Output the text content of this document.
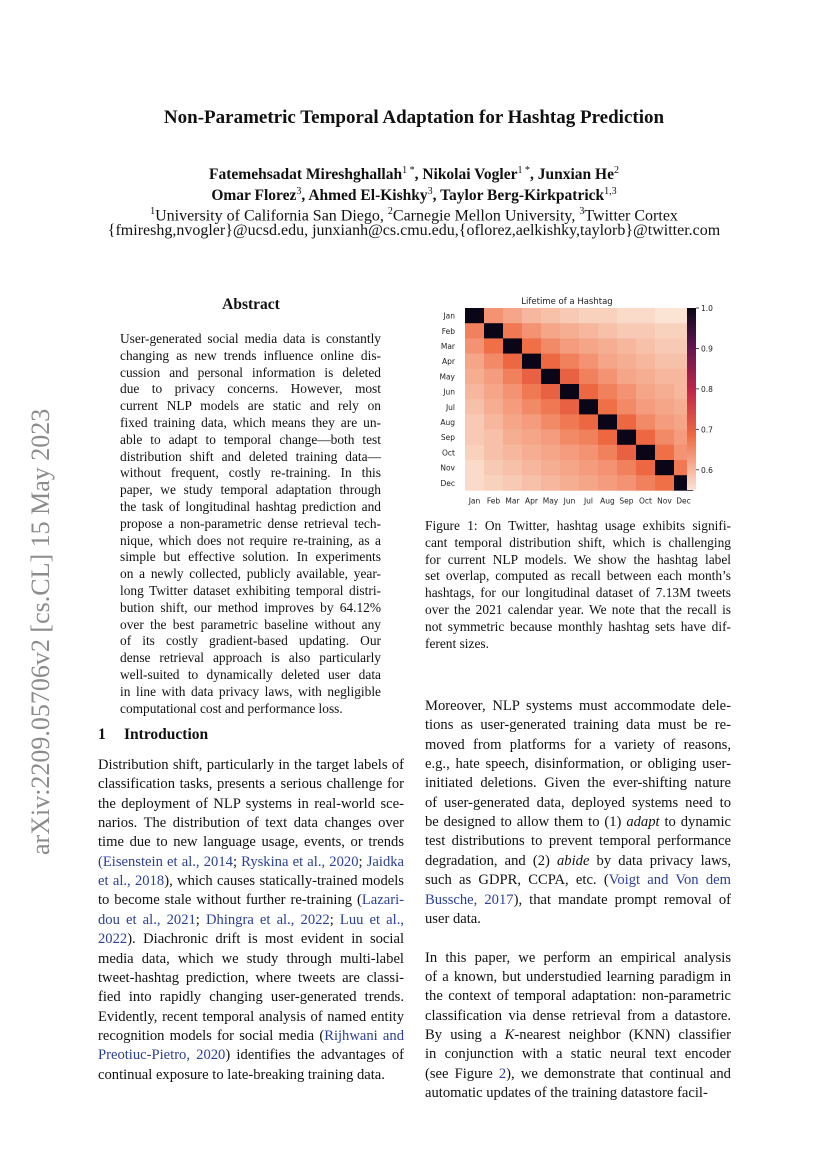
arXiv:2209.05706v2 [cs.CL] 15 May 2023
Non-Parametric Temporal Adaptation for Hashtag Prediction
Fatemehsadat Mireshghallah$^{1 *}$, Nikolai Vogler$^{1 *}$, Junxian He$^2$
Omar Florez$^3$, Ahmed El-Kishky$^3$, Taylor Berg-Kirkpatrick$^{1,3}$
$^1$University of California San Diego, $^2$Carnegie Mellon University, $^3$Twitter Cortex
{fmireshg,nvogler}@ucsd.edu, junxianh@cs.cmu.edu,{oflorez,aelkishky,taylorb}@twitter.com
Abstract
User-generated social media data is constantly
changing as new trends influence online dis-
cussion and personal information is deleted
due to privacy concerns. However, most
current NLP models are static and rely on
fixed training data, which means they are un-
able to adapt to temporal change—both test
distribution shift and deleted training data—
without frequent, costly re-training. In this
paper, we study temporal adaptation through
the task of longitudinal hashtag prediction and
propose a non-parametric dense retrieval tech-
nique, which does not require re-training, as a
simple but effective solution. In experiments
on a newly collected, publicly available, year-
long Twitter dataset exhibiting temporal distri-
bution shift, our method improves by 64.12%
over the best parametric baseline without any
of its costly gradient-based updating. Our
dense retrieval approach is also particularly
well-suited to dynamically deleted user data
in line with data privacy laws, with negligible
computational cost and performance loss.
1 Introduction
Distribution shift, particularly in the target labels of
classification tasks, presents a serious challenge for
the deployment of NLP systems in real-world sce-
narios. The distribution of text data changes over
time due to new language usage, events, or trends
(Eisenstein et al., 2014; Ryskina et al., 2020; Jaidka
et al., 2018), which causes statically-trained models
to become stale without further re-training (Lazari-
dou et al., 2021; Dhingra et al., 2022; Luu et al.,
2022). Diachronic drift is most evident in social
media data, which we study through multi-label
tweet-hashtag prediction, where tweets are classi-
fied into rapidly changing user-generated trends.
Evidently, recent temporal analysis of named entity
recognition models for social media (Rijhwani and
Preotiuc-Pietro, 2020) identifies the advantages of
continual exposure to late-breaking training data.
Lifetime of a Hashtag
Jan
Feb
Mar
Apr
May
Jun
Jul
Aug
Sep
Oct
Nov
Dec
Jan Feb Mar Apr May Jun Jul Aug Sep Oct Nov Dec
1.0
0.9
0.8
0.7
0.6
Figure 1: On Twitter, hashtag usage exhibits signifi-
cant temporal distribution shift, which is challenging
for current NLP models. We show the hashtag label
set overlap, computed as recall between each month’s
hashtags, for our longitudinal dataset of 7.13M tweets
over the 2021 calendar year. We note that the recall is
not symmetric because monthly hashtag sets have dif-
ferent sizes.
Moreover, NLP systems must accommodate dele-
tions as user-generated training data must be re-
moved from platforms for a variety of reasons,
e.g., hate speech, disinformation, or obliging user-
initiated deletions. Given the ever-shifting nature
of user-generated data, deployed systems need to
be designed to allow them to (1) adapt to dynamic
test distributions to prevent temporal performance
degradation, and (2) abide by data privacy laws,
such as GDPR, CCPA, etc. (Voigt and Von dem
Bussche, 2017), that mandate prompt removal of
user data.
In this paper, we perform an empirical analysis
of a known, but understudied learning paradigm in
the context of temporal adaptation: non-parametric
classification via dense retrieval from a datastore.
By using a K-nearest neighbor (KNN) classifier
in conjunction with a static neural text encoder
(see Figure 2), we demonstrate that continual and
automatic updates of the training datastore facil-
